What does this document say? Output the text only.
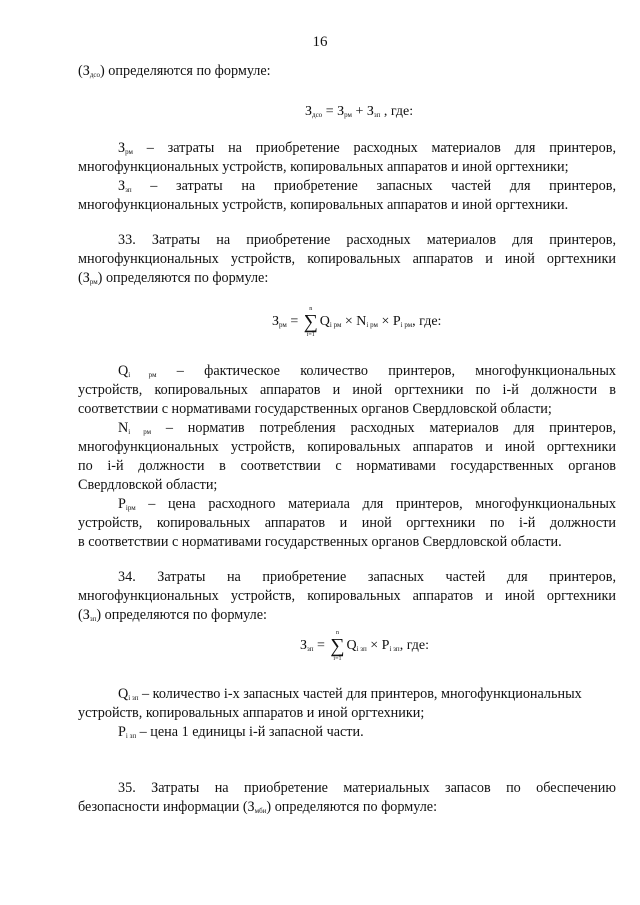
16

$(З_{дсо})$ определяются по формуле:

$З_{дсо} = З_{рм} + З_{зп}$ , где:

$З_{рм}$ – затраты на приобретение расходных материалов для принтеров,

многофункциональных устройств, копировальных аппаратов и иной оргтехники;

$З_{зп}$ – затраты на приобретение запасных частей для принтеров,

многофункциональных устройств, копировальных аппаратов и иной оргтехники.

33. Затраты на приобретение расходных материалов для принтеров,

многофункциональных устройств, копировальных аппаратов и иной оргтехники

$(З_{рм})$ определяются по формуле:

$З_{рм}$ =
n
∑
i=1
$Q_{i рм} \times N_{i рм} \times P_{i рм}$, где:

$Q_{i рм}$ – фактическое количество принтеров, многофункциональных

устройств, копировальных аппаратов и иной оргтехники по i-й должности в

соответствии с нормативами государственных органов Свердловской области;

$N_{i рм}$ – норматив потребления расходных материалов для принтеров,

многофункциональных устройств, копировальных аппаратов и иной оргтехники

по i-й должности в соответствии с нормативами государственных органов

Свердловской области;

$P_{iрм}$ – цена расходного материала для принтеров, многофункциональных

устройств, копировальных аппаратов и иной оргтехники по i-й должности

в соответствии с нормативами государственных органов Свердловской области.

34. Затраты на приобретение запасных частей для принтеров,

многофункциональных устройств, копировальных аппаратов и иной оргтехники

$(З_{зп})$ определяются по формуле:

$З_{зп}$ =
n
∑
i=1
$Q_{i зп} \times P_{i зп}$, где:

$Q_{i зп}$ – количество i-х запасных частей для принтеров, многофункциональных

устройств, копировальных аппаратов и иной оргтехники;

$P_{i зп}$ – цена 1 единицы i-й запасной части.

35. Затраты на приобретение материальных запасов по обеспечению

безопасности информации $(З_{мби})$ определяются по формуле:
